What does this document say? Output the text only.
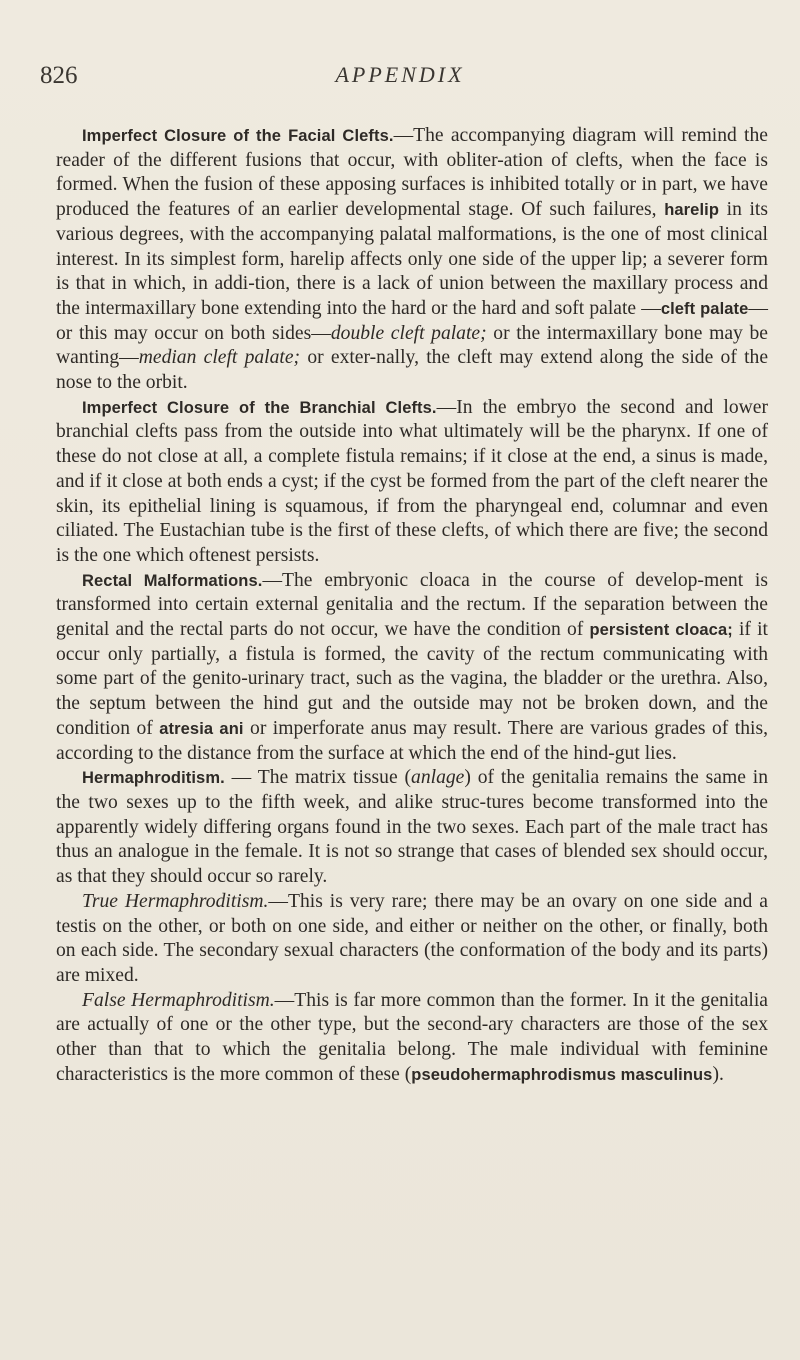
826	APPENDIX

Imperfect Closure of the Facial Clefts.—The accompanying diagram will remind the reader of the different fusions that occur, with obliter-ation of clefts, when the face is formed. When the fusion of these apposing surfaces is inhibited totally or in part, we have produced the features of an earlier developmental stage. Of such failures, harelip in its various degrees, with the accompanying palatal malformations, is the one of most clinical interest. In its simplest form, harelip affects only one side of the upper lip; a severer form is that in which, in addi-tion, there is a lack of union between the maxillary process and the intermaxillary bone extending into the hard or the hard and soft palate —cleft palate—or this may occur on both sides—double cleft palate; or the intermaxillary bone may be wanting—median cleft palate; or exter-nally, the cleft may extend along the side of the nose to the orbit.

Imperfect Closure of the Branchial Clefts.—In the embryo the second and lower branchial clefts pass from the outside into what ultimately will be the pharynx. If one of these do not close at all, a complete fistula remains; if it close at the end, a sinus is made, and if it close at both ends a cyst; if the cyst be formed from the part of the cleft nearer the skin, its epithelial lining is squamous, if from the pharyngeal end, columnar and even ciliated. The Eustachian tube is the first of these clefts, of which there are five; the second is the one which oftenest persists.

Rectal Malformations.—The embryonic cloaca in the course of develop-ment is transformed into certain external genitalia and the rectum. If the separation between the genital and the rectal parts do not occur, we have the condition of persistent cloaca; if it occur only partially, a fistula is formed, the cavity of the rectum communicating with some part of the genito-urinary tract, such as the vagina, the bladder or the urethra. Also, the septum between the hind gut and the outside may not be broken down, and the condition of atresia ani or imperforate anus may result. There are various grades of this, according to the distance from the surface at which the end of the hind-gut lies.

Hermaphroditism. — The matrix tissue (anlage) of the genitalia remains the same in the two sexes up to the fifth week, and alike struc-tures become transformed into the apparently widely differing organs found in the two sexes. Each part of the male tract has thus an analogue in the female. It is not so strange that cases of blended sex should occur, as that they should occur so rarely.

True Hermaphroditism.—This is very rare; there may be an ovary on one side and a testis on the other, or both on one side, and either or neither on the other, or finally, both on each side. The secondary sexual characters (the conformation of the body and its parts) are mixed.

False Hermaphroditism.—This is far more common than the former. In it the genitalia are actually of one or the other type, but the second-ary characters are those of the sex other than that to which the genitalia belong. The male individual with feminine characteristics is the more common of these (pseudohermaphrodismus masculinus).
